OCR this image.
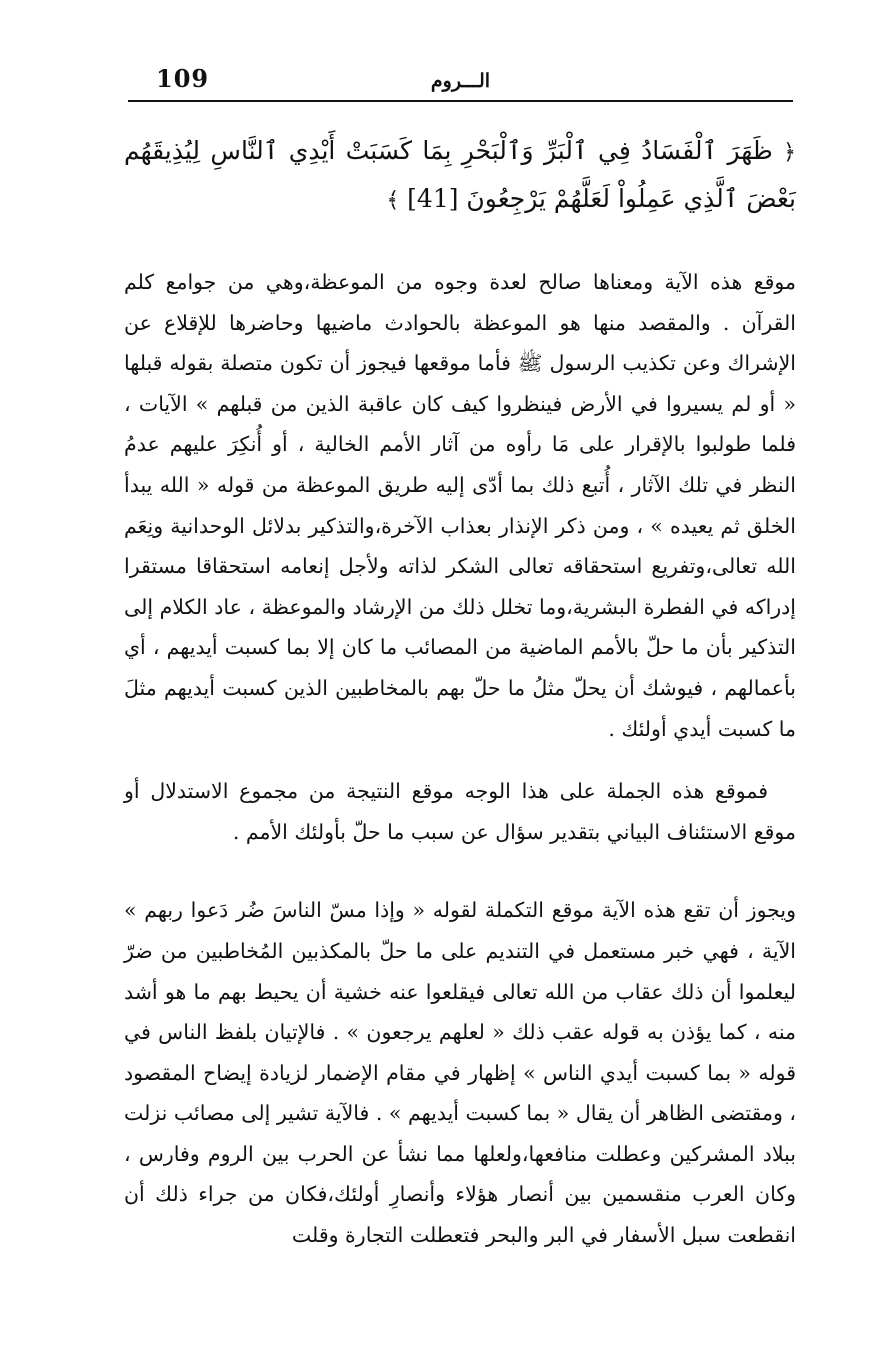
109	الـــروم

﴿ ظَهَرَ ٱلْفَسَادُ فِي ٱلْبَرِّ وَٱلْبَحْرِ بِمَا كَسَبَتْ أَيْدِي ٱلنَّاسِ لِيُذِيقَهُم بَعْضَ ٱلَّذِي عَمِلُواْ لَعَلَّهُمْ يَرْجِعُونَ [41] ﴾

موقع هذه الآية ومعناها صالح لعدة وجوه من الموعظة،وهي من جوامع كلم القرآن . والمقصد منها هو الموعظة بالحوادث ماضيها وحاضرها للإقلاع عن الإشراك وعن تكذيب الرسول ﷺ فأما موقعها فيجوز أن تكون متصلة بقوله قبلها « أو لم يسيروا في الأرض فينظروا كيف كان عاقبة الذين من قبلهم » الآيات ، فلما طولبوا بالإقرار على مَا رأوه من آثار الأمم الخالية ، أو أُنكِرَ عليهم عدمُ النظر في تلك الآثار ، أُتبع ذلك بما أدّى إليه طريق الموعظة من قوله « الله يبدأ الخلق ثم يعيده » ، ومن ذكر الإنذار بعذاب الآخرة،والتذكير بدلائل الوحدانية ونِعَم الله تعالى،وتفريع استحقاقه تعالى الشكر لذاته ولأجل إنعامه استحقاقا مستقرا إدراكه في الفطرة البشرية،وما تخلل ذلك من الإرشاد والموعظة ، عاد الكلام إلى التذكير بأن ما حلّ بالأمم الماضية من المصائب ما كان إلا بما كسبت أيديهم ، أي بأعمالهم ، فيوشك أن يحلّ مثلُ ما حلّ بهم بالمخاطبين الذين كسبت أيديهم مثلَ ما كسبت أيدي أولئك .

فموقع هذه الجملة على هذا الوجه موقع النتيجة من مجموع الاستدلال أو موقع الاستئناف البياني بتقدير سؤال عن سبب ما حلّ بأولئك الأمم .

ويجوز أن تقع هذه الآية موقع التكملة لقوله « وإذا مسّ الناسَ ضُر دَعوا ربهم » الآية ، فهي خبر مستعمل في التنديم على ما حلّ بالمكذبين المُخاطبين من ضرّ ليعلموا أن ذلك عقاب من الله تعالى فيقلعوا عنه خشية أن يحيط بهم ما هو أشد منه ، كما يؤذن به قوله عقب ذلك « لعلهم يرجعون » . فالإتيان بلفظ الناس في قوله « بما كسبت أيدي الناس » إظهار في مقام الإضمار لزيادة إيضاح المقصود ، ومقتضى الظاهر أن يقال « بما كسبت أيديهم » . فالآية تشير إلى مصائب نزلت ببلاد المشركين وعطلت منافعها،ولعلها مما نشأ عن الحرب بين الروم وفارس ، وكان العرب منقسمين بين أنصار هؤلاء وأنصارِ أولئك،فكان من جراء ذلك أن انقطعت سبل الأسفار في البر والبحر فتعطلت التجارة وقلت
